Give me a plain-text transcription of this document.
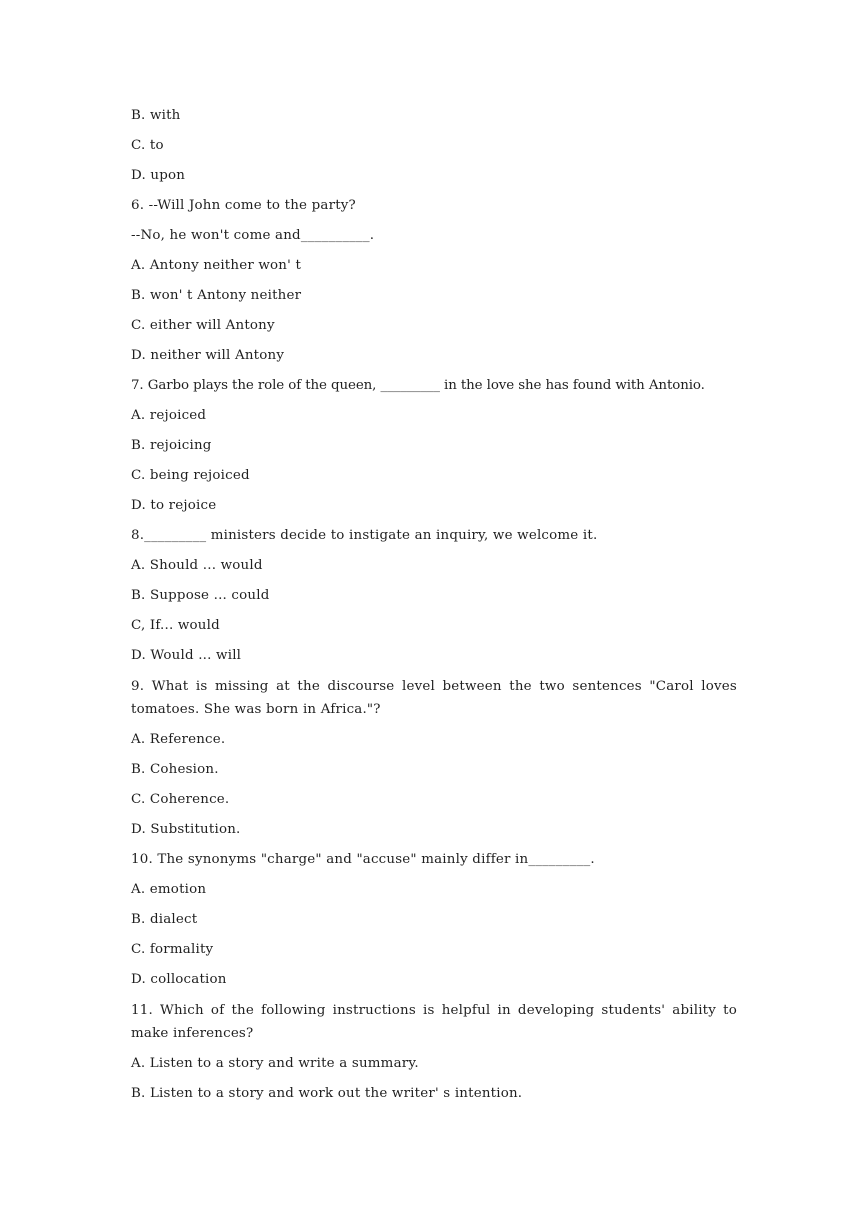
B. with

C. to

D. upon

6. --Will John come to the party?

--No, he won't come and__________.

A. Antony neither won' t

B. won' t Antony neither

C. either will Antony

D. neither will Antony

7. Garbo plays the role of the queen, _________ in the love she has found with Antonio.

A. rejoiced

B. rejoicing

C. being rejoiced

D. to rejoice

8._________ ministers decide to instigate an inquiry, we welcome it.

A. Should ... would

B. Suppose ... could

C, If... would

D. Would ... will

9. What is missing at the discourse level between the two sentences "Carol loves tomatoes. She was born in Africa."?

A. Reference.

B. Cohesion.

C. Coherence.

D. Substitution.

10. The synonyms "charge" and "accuse" mainly differ in_________.

A. emotion

B. dialect

C. formality

D. collocation

11. Which of the following instructions is helpful in developing students' ability to make inferences?

A. Listen to a story and write a summary.

B. Listen to a story and work out the writer' s intention.
